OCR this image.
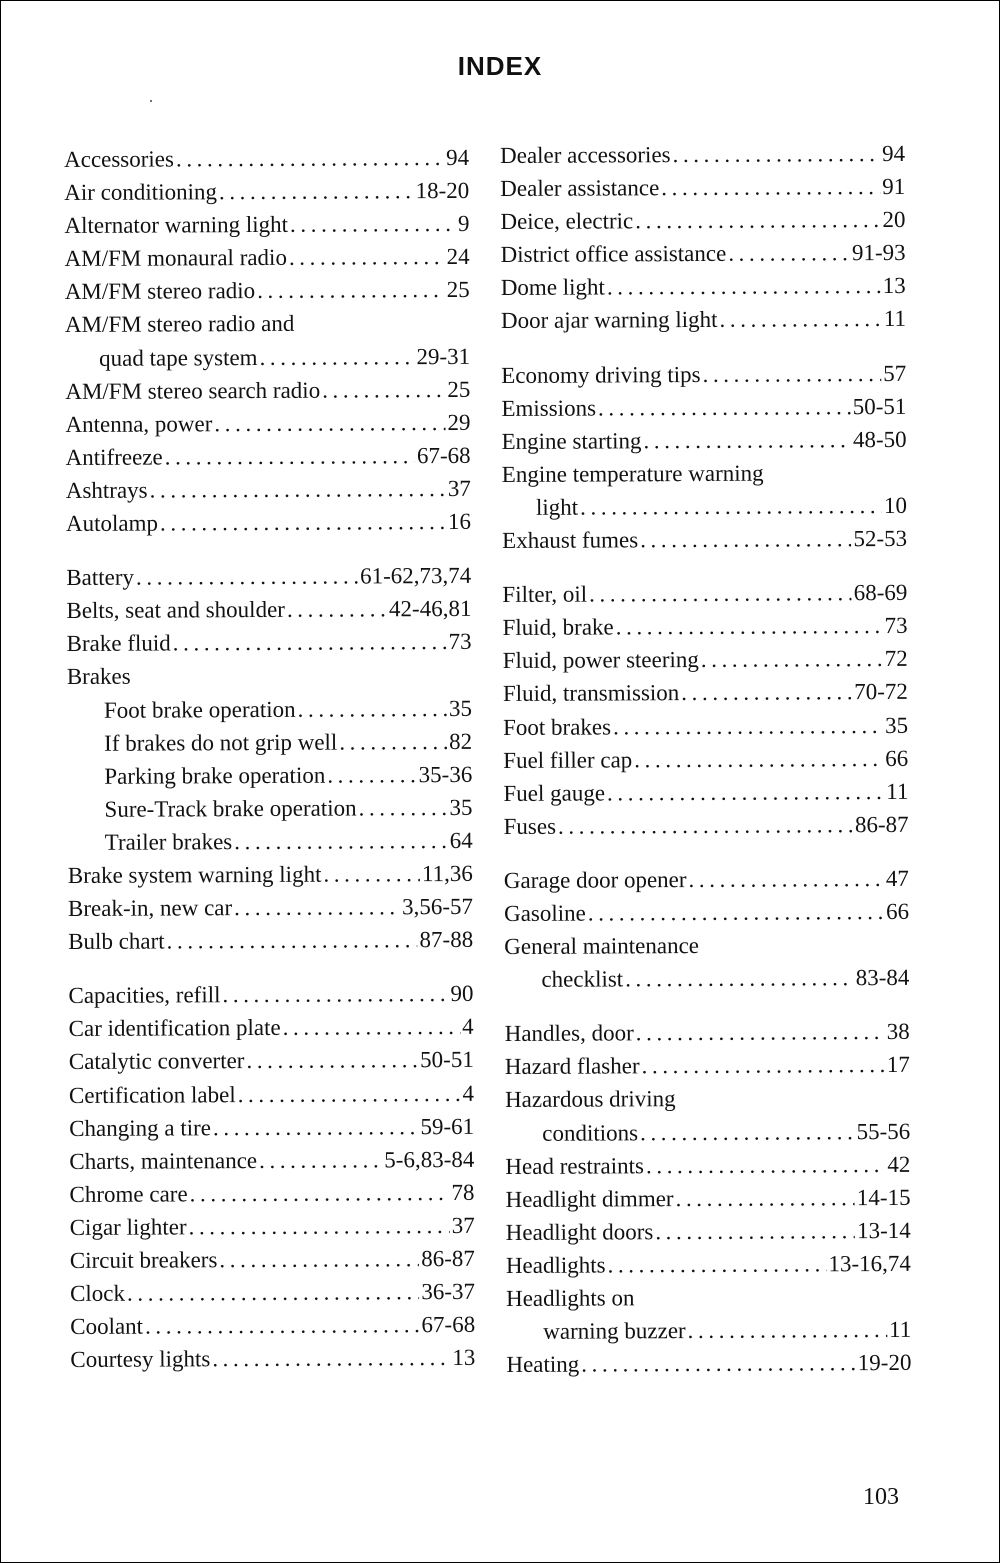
INDEX
Accessories .....	94
Air conditioning .....	18-20
Alternator warning light .....	9
AM/FM monaural radio .....	24
AM/FM stereo radio .....	25
AM/FM stereo radio and
quad tape system .....	29-31
AM/FM stereo search radio .....	25
Antenna, power .....	29
Antifreeze .....	67-68
Ashtrays .....	37
Autolamp .....	16
Battery .....	61-62,73,74
Belts, seat and shoulder .....	42-46,81
Brake fluid .....	73
Brakes
Foot brake operation .....	35
If brakes do not grip well .....	82
Parking brake operation .....	35-36
Sure-Track brake operation .....	35
Trailer brakes .....	64
Brake system warning light .....	11,36
Break-in, new car .....	3,56-57
Bulb chart .....	87-88
Capacities, refill .....	90
Car identification plate .....	4
Catalytic converter .....	50-51
Certification label .....	4
Changing a tire .....	59-61
Charts, maintenance .....	5-6,83-84
Chrome care .....	78
Cigar lighter .....	37
Circuit breakers .....	86-87
Clock .....	36-37
Coolant .....	67-68
Courtesy lights .....	13
Dealer accessories .....	94
Dealer assistance .....	91
Deice, electric .....	20
District office assistance .....	91-93
Dome light .....	13
Door ajar warning light .....	11
Economy driving tips .....	57
Emissions .....	50-51
Engine starting .....	48-50
Engine temperature warning
light .....	10
Exhaust fumes .....	52-53
Filter, oil .....	68-69
Fluid, brake .....	73
Fluid, power steering .....	72
Fluid, transmission .....	70-72
Foot brakes .....	35
Fuel filler cap .....	66
Fuel gauge .....	11
Fuses .....	86-87
Garage door opener .....	47
Gasoline .....	66
General maintenance
checklist .....	83-84
Handles, door .....	38
Hazard flasher .....	17
Hazardous driving
conditions .....	55-56
Head restraints .....	42
Headlight dimmer .....	14-15
Headlight doors .....	13-14
Headlights .....	13-16,74
Headlights on
warning buzzer .....	11
Heating .....	19-20
103
